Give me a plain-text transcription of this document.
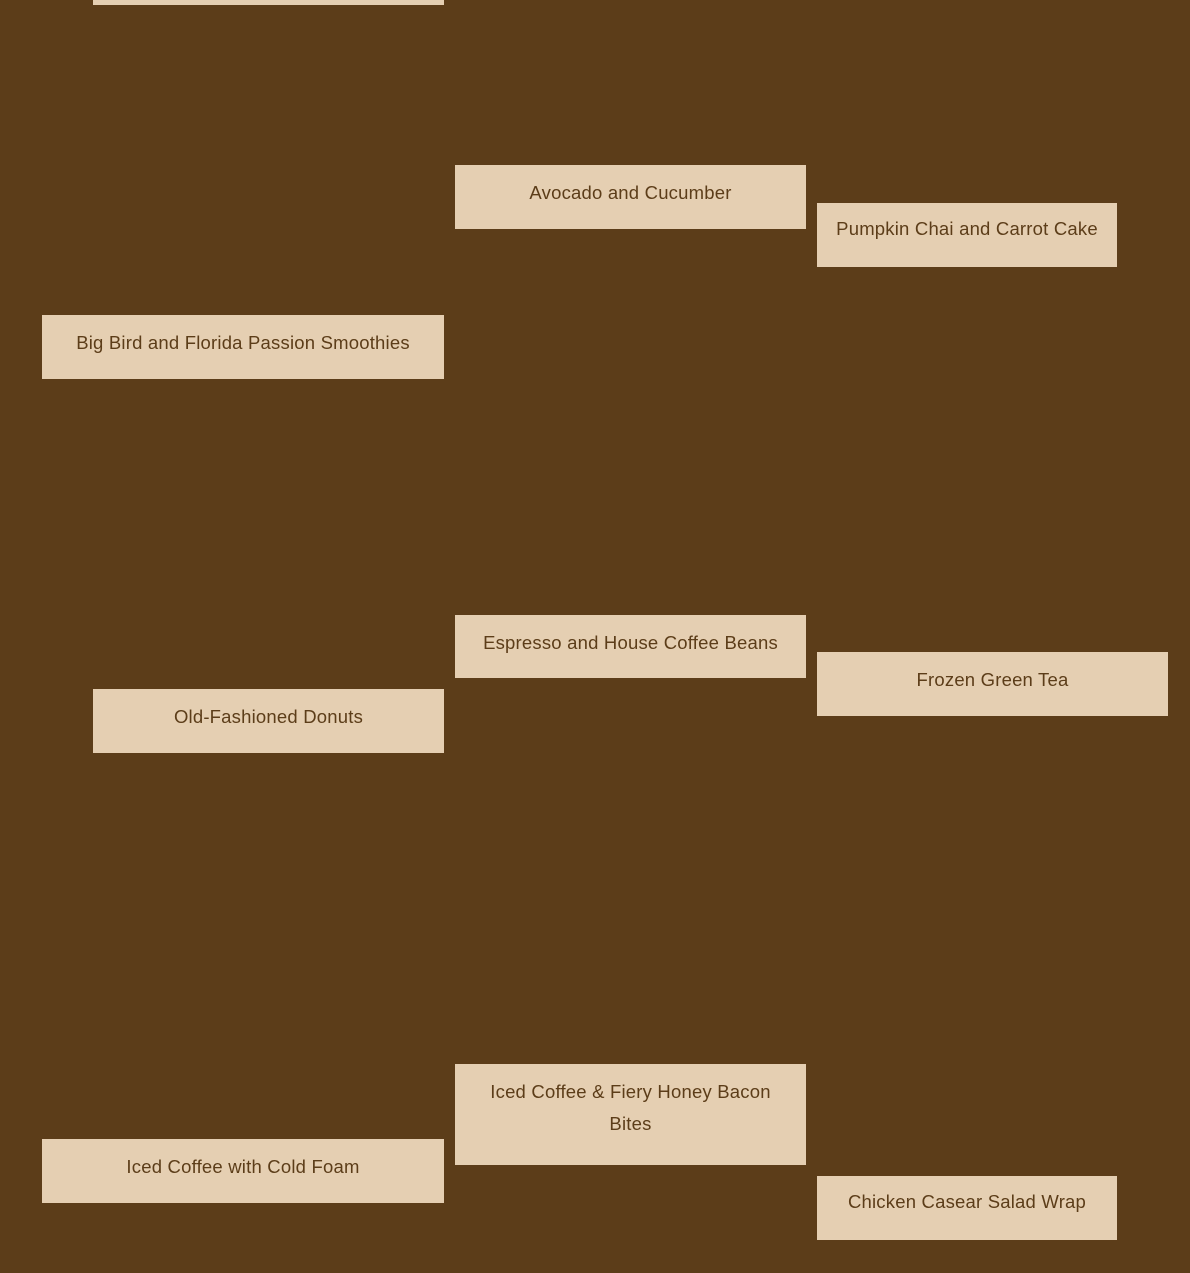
Avocado and Cucumber
Pumpkin Chai and Carrot Cake
Big Bird and Florida Passion Smoothies
Espresso and House Coffee Beans
Frozen Green Tea
Old-Fashioned Donuts
Iced Coffee & Fiery Honey Bacon Bites
Iced Coffee with Cold Foam
Chicken Casear Salad Wrap
